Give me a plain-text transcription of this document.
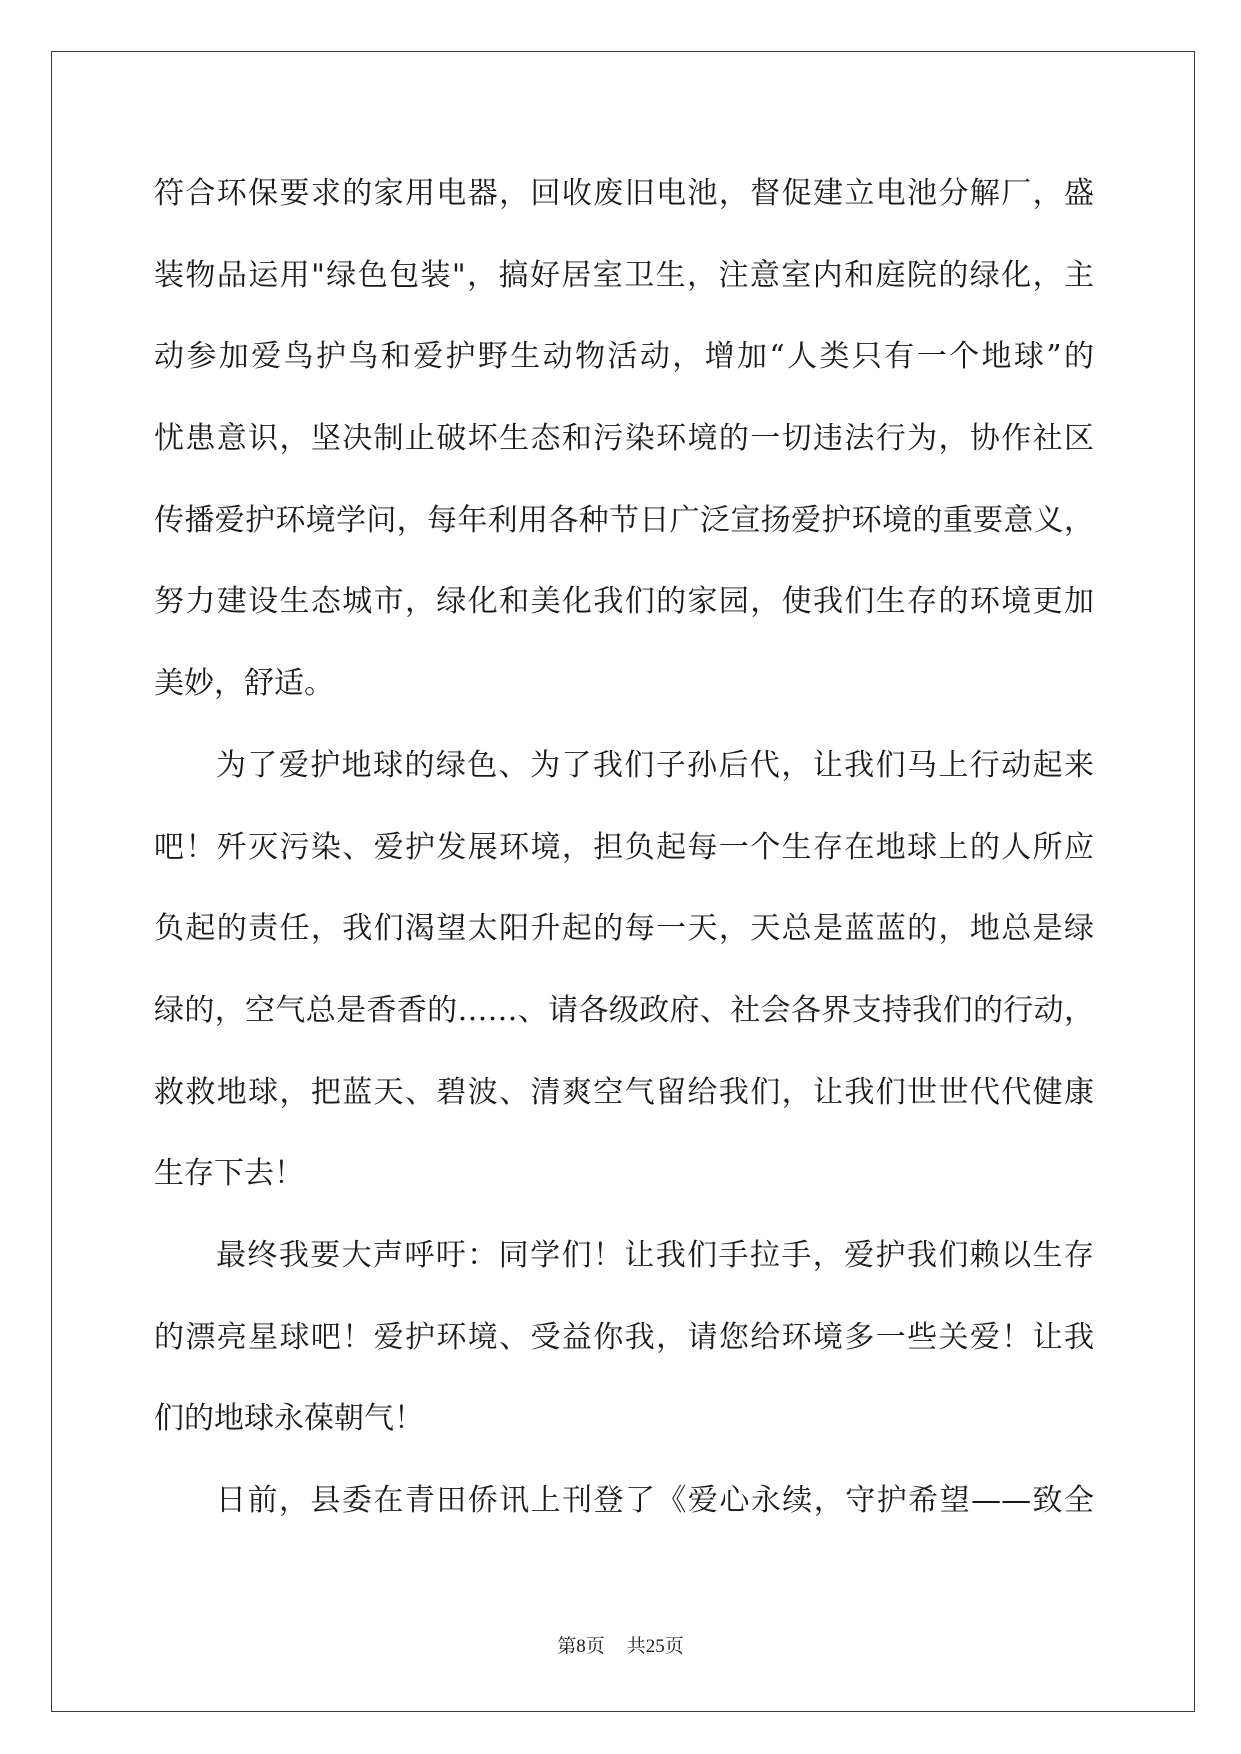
符合环保要求的家用电器，回收废旧电池，督促建立电池分解厂，盛
装物品运用"绿色包装"，搞好居室卫生，注意室内和庭院的绿化，主
动参加爱鸟护鸟和爱护野生动物活动，增加“人类只有一个地球”的
忧患意识，坚决制止破坏生态和污染环境的一切违法行为，协作社区
传播爱护环境学问，每年利用各种节日广泛宣扬爱护环境的重要意义，
努力建设生态城市，绿化和美化我们的家园，使我们生存的环境更加
美妙，舒适。
为了爱护地球的绿色、为了我们子孙后代，让我们马上行动起来
吧！歼灭污染、爱护发展环境，担负起每一个生存在地球上的人所应
负起的责任，我们渴望太阳升起的每一天，天总是蓝蓝的，地总是绿
绿的，空气总是香香的……、请各级政府、社会各界支持我们的行动，
救救地球，把蓝天、碧波、清爽空气留给我们，让我们世世代代健康
生存下去！
最终我要大声呼吁：同学们！让我们手拉手，爱护我们赖以生存
的漂亮星球吧！爱护环境、受益你我，请您给环境多一些关爱！让我
们的地球永葆朝气！
日前，县委在青田侨讯上刊登了《爱心永续，守护希望——致全
第8页 共25页
